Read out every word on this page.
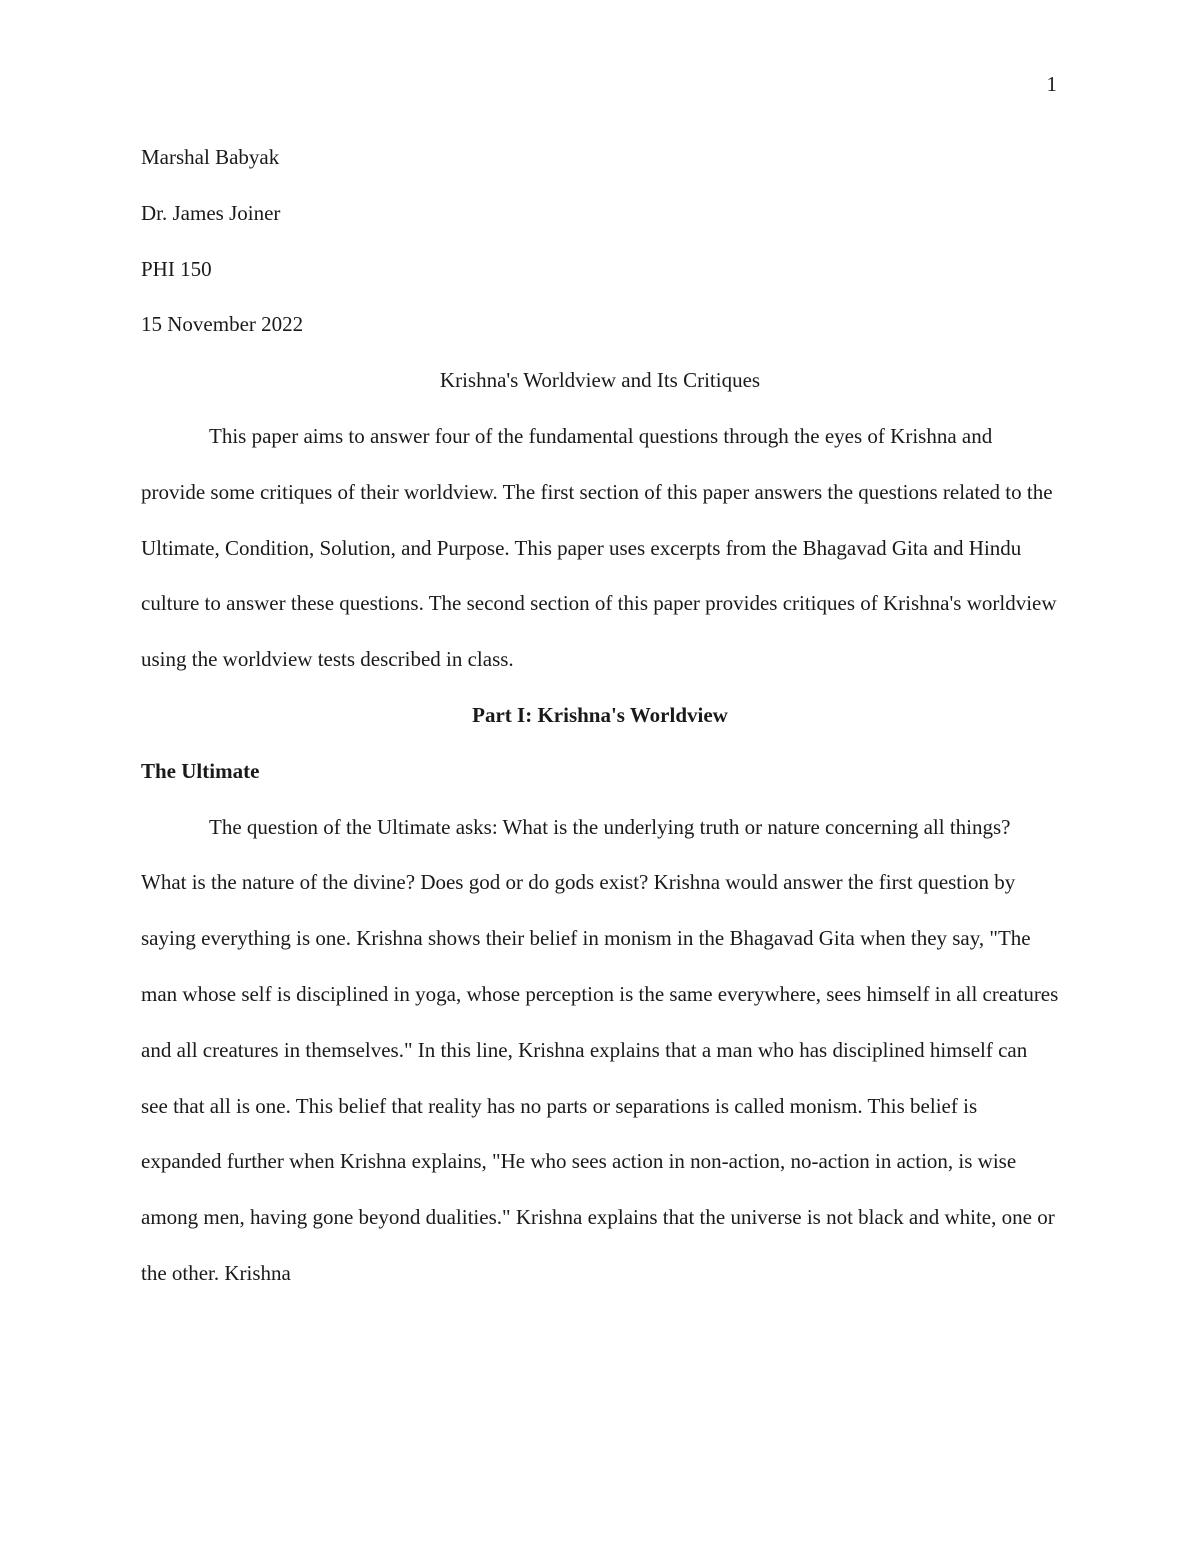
1
Marshal Babyak
Dr. James Joiner
PHI 150
15 November 2022
Krishna's Worldview and Its Critiques

This paper aims to answer four of the fundamental questions through the eyes of Krishna and provide some critiques of their worldview. The first section of this paper answers the questions related to the Ultimate, Condition, Solution, and Purpose. This paper uses excerpts from the Bhagavad Gita and Hindu culture to answer these questions. The second section of this paper provides critiques of Krishna's worldview using the worldview tests described in class.

Part I: Krishna's Worldview
The Ultimate

The question of the Ultimate asks: What is the underlying truth or nature concerning all things? What is the nature of the divine? Does god or do gods exist? Krishna would answer the first question by saying everything is one. Krishna shows their belief in monism in the Bhagavad Gita when they say, "The man whose self is disciplined in yoga, whose perception is the same everywhere, sees himself in all creatures and all creatures in themselves." In this line, Krishna explains that a man who has disciplined himself can see that all is one. This belief that reality has no parts or separations is called monism. This belief is expanded further when Krishna explains, "He who sees action in non-action, no-action in action, is wise among men, having gone beyond dualities." Krishna explains that the universe is not black and white, one or the other. Krishna
